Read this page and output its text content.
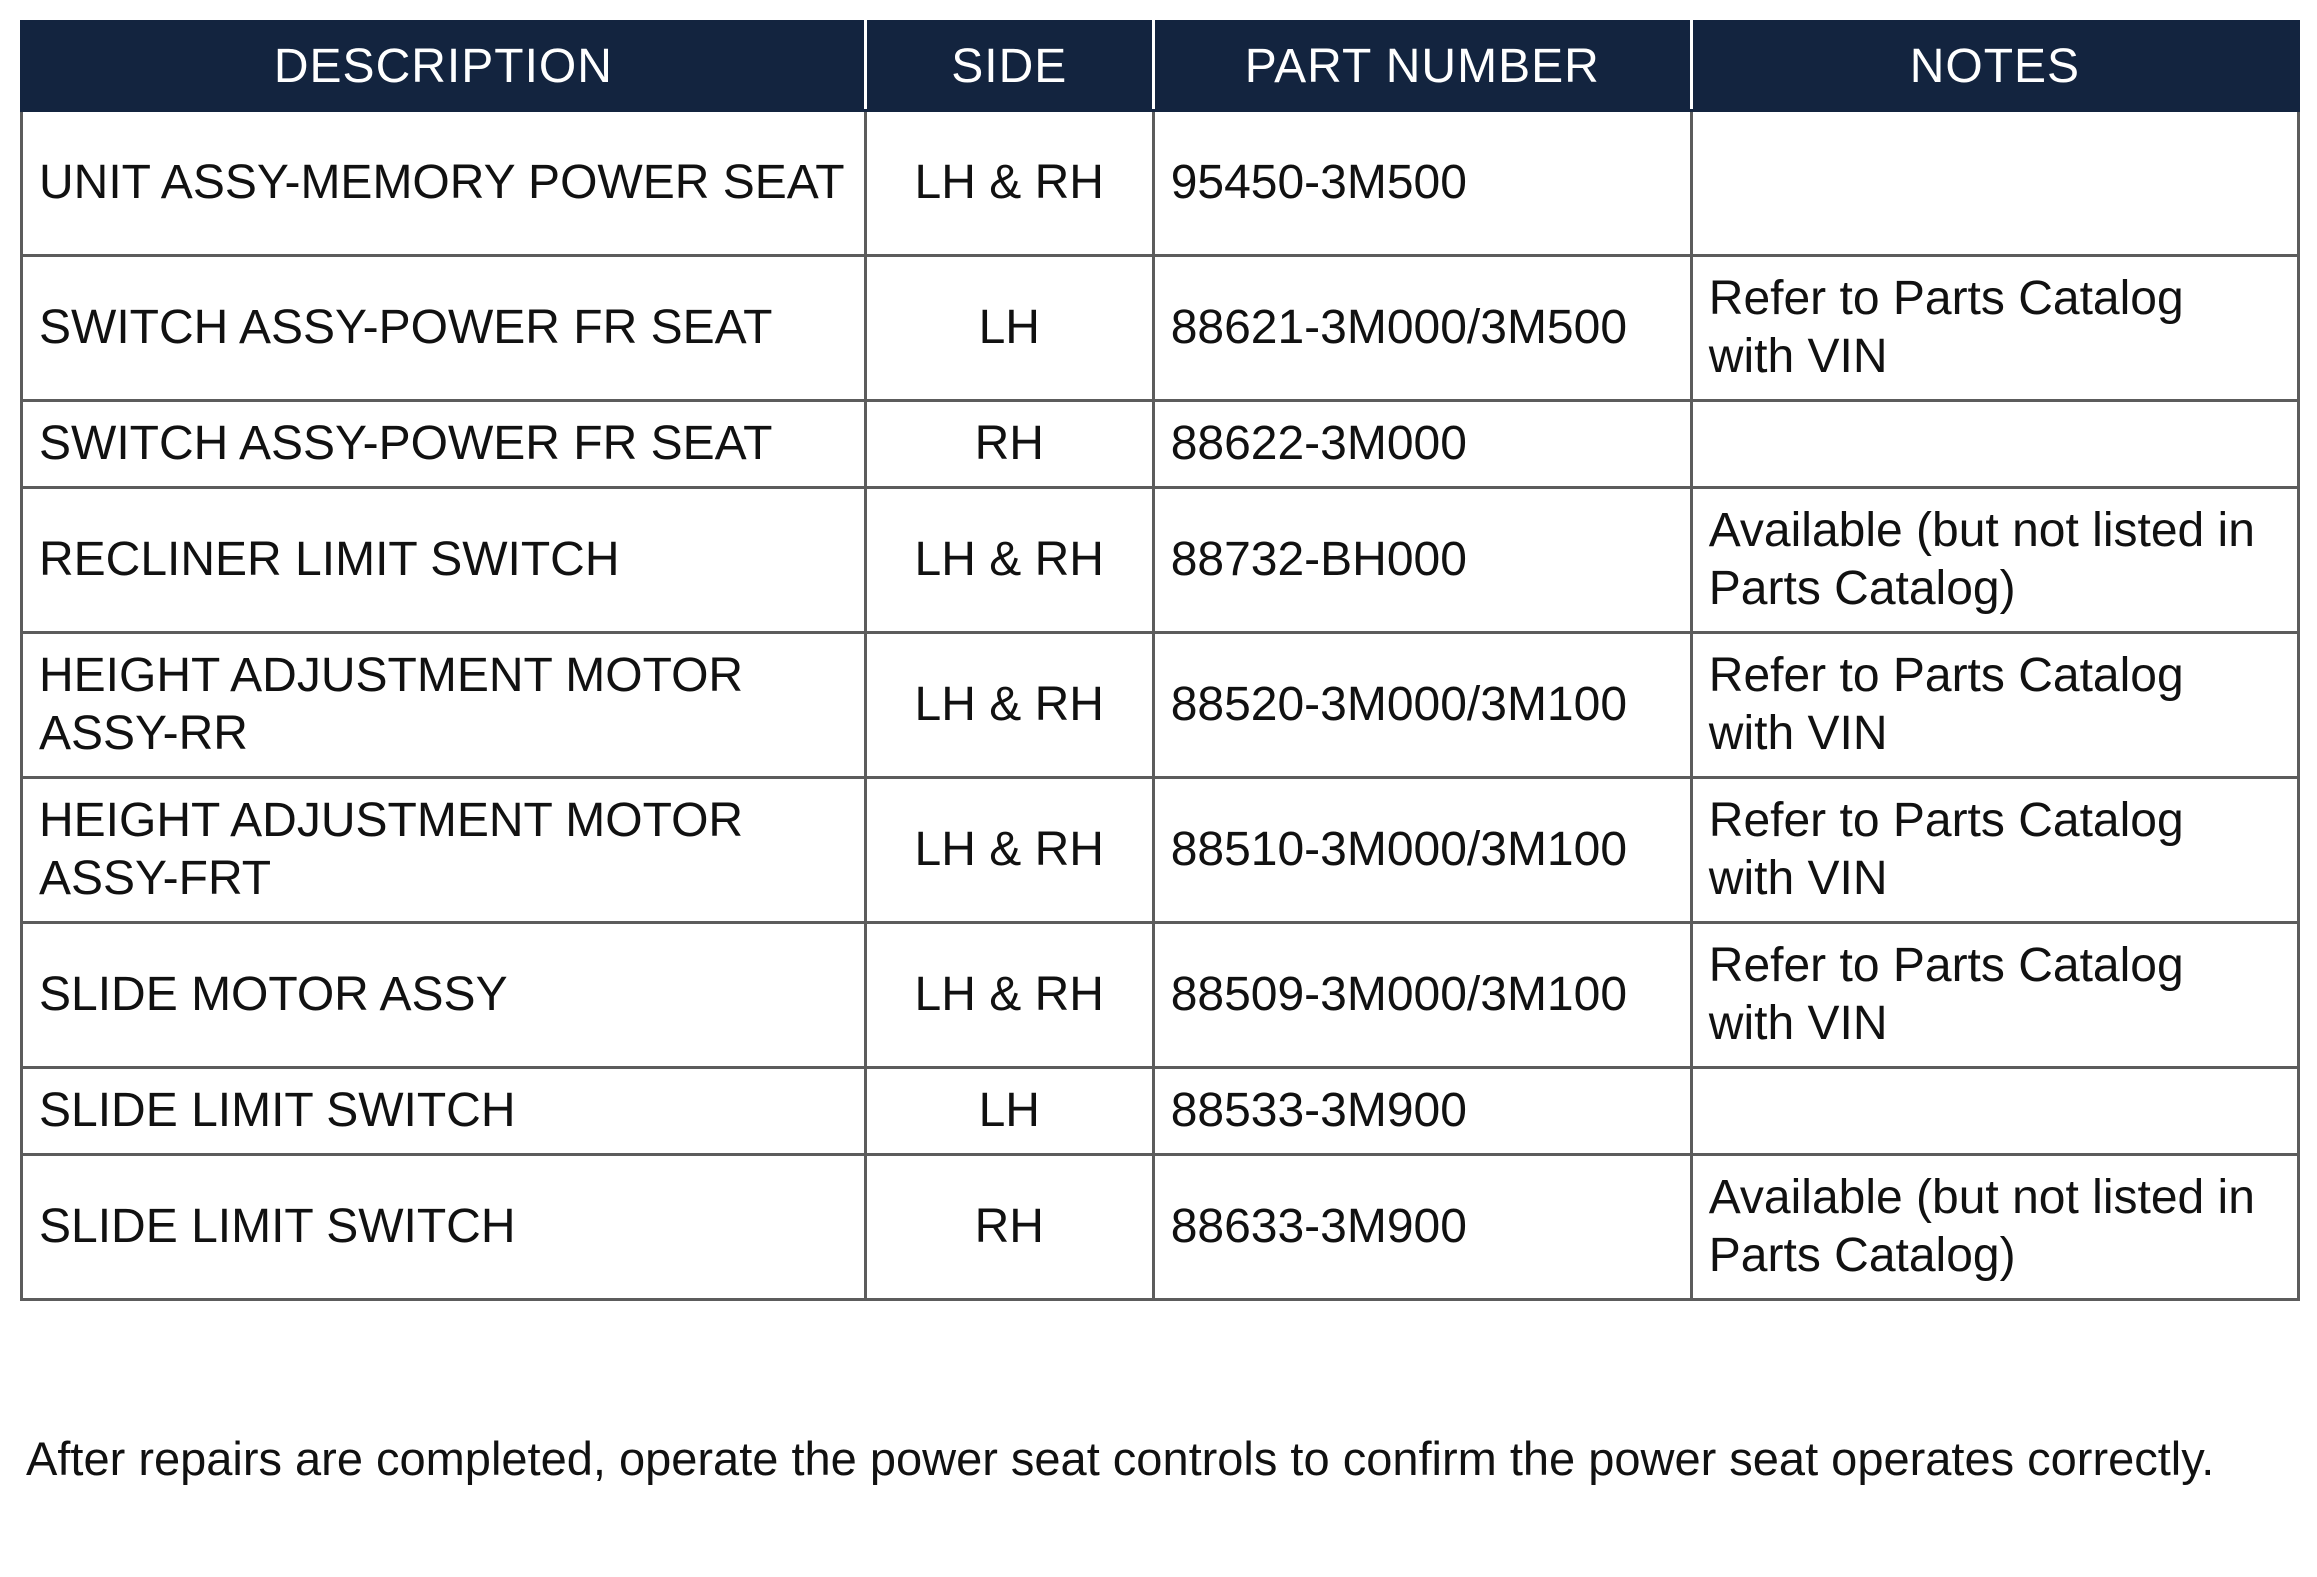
DESCRIPTION	SIDE	PART NUMBER	NOTES
UNIT ASSY-MEMORY POWER SEAT	LH & RH	95450-3M500	
SWITCH ASSY-POWER FR SEAT	LH	88621-3M000/3M500	Refer to Parts Catalog with VIN
SWITCH ASSY-POWER FR SEAT	RH	88622-3M000	
RECLINER LIMIT SWITCH	LH & RH	88732-BH000	Available (but not listed in Parts Catalog)
HEIGHT ADJUSTMENT MOTOR ASSY-RR	LH & RH	88520-3M000/3M100	Refer to Parts Catalog with VIN
HEIGHT ADJUSTMENT MOTOR ASSY-FRT	LH & RH	88510-3M000/3M100	Refer to Parts Catalog with VIN
SLIDE MOTOR ASSY	LH & RH	88509-3M000/3M100	Refer to Parts Catalog with VIN
SLIDE LIMIT SWITCH	LH	88533-3M900	
SLIDE LIMIT SWITCH	RH	88633-3M900	Available (but not listed in Parts Catalog)

After repairs are completed, operate the power seat controls to confirm the power seat operates correctly.
